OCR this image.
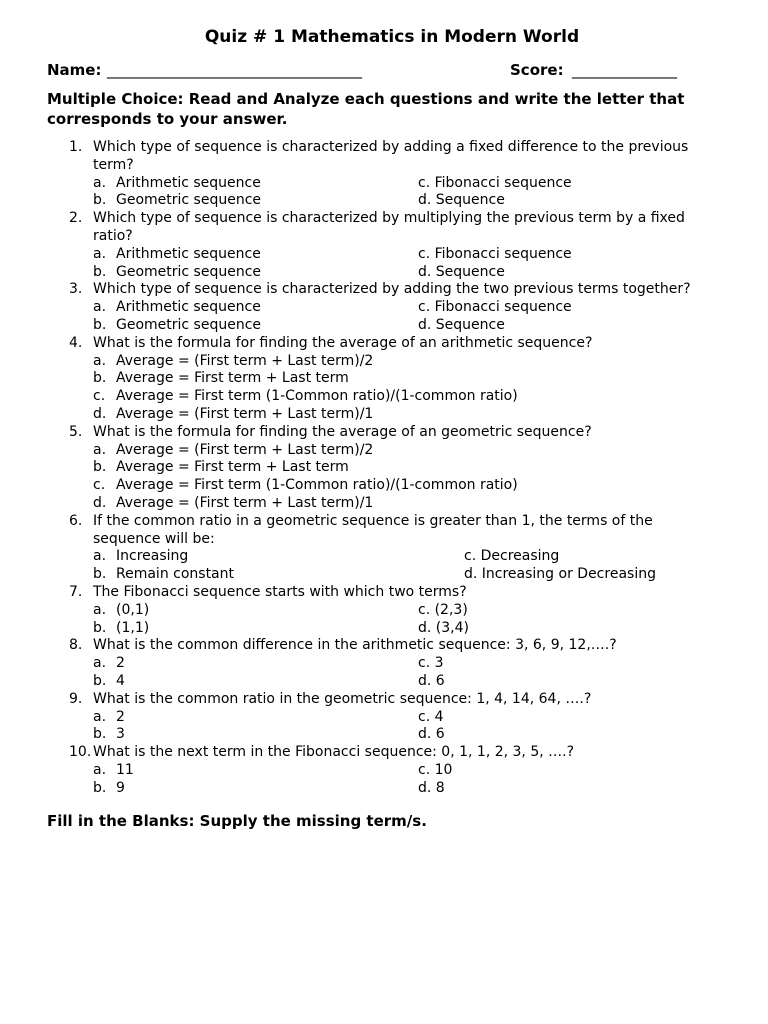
Quiz # 1 Mathematics in Modern World
Name: __________________________________	Score: ______________
Multiple Choice: Read and Analyze each questions and write the letter that corresponds to your answer.
1. Which type of sequence is characterized by adding a fixed difference to the previous term?
a. Arithmetic sequence	c. Fibonacci sequence
b. Geometric sequence	d. Sequence
2. Which type of sequence is characterized by multiplying the previous term by a fixed ratio?
a. Arithmetic sequence	c. Fibonacci sequence
b. Geometric sequence	d. Sequence
3. Which type of sequence is characterized by adding the two previous terms together?
a. Arithmetic sequence	c. Fibonacci sequence
b. Geometric sequence	d. Sequence
4. What is the formula for finding the average of an arithmetic sequence?
a. Average = (First term + Last term)/2
b. Average = First term + Last term
c. Average = First term (1-Common ratio)/(1-common ratio)
d. Average = (First term + Last term)/1
5. What is the formula for finding the average of an geometric sequence?
a. Average = (First term + Last term)/2
b. Average = First term + Last term
c. Average = First term (1-Common ratio)/(1-common ratio)
d. Average = (First term + Last term)/1
6. If the common ratio in a geometric sequence is greater than 1, the terms of the sequence will be:
a. Increasing	c. Decreasing
b. Remain constant	d. Increasing or Decreasing
7. The Fibonacci sequence starts with which two terms?
a. (0,1)	c. (2,3)
b. (1,1)	d. (3,4)
8. What is the common difference in the arithmetic sequence: 3, 6, 9, 12,….?
a. 2	c. 3
b. 4	d. 6
9. What is the common ratio in the geometric sequence: 1, 4, 14, 64, ….?
a. 2	c. 4
b. 3	d. 6
10. What is the next term in the Fibonacci sequence: 0, 1, 1, 2, 3, 5, ….?
a. 11	c. 10
b. 9	d. 8
Fill in the Blanks: Supply the missing term/s.
